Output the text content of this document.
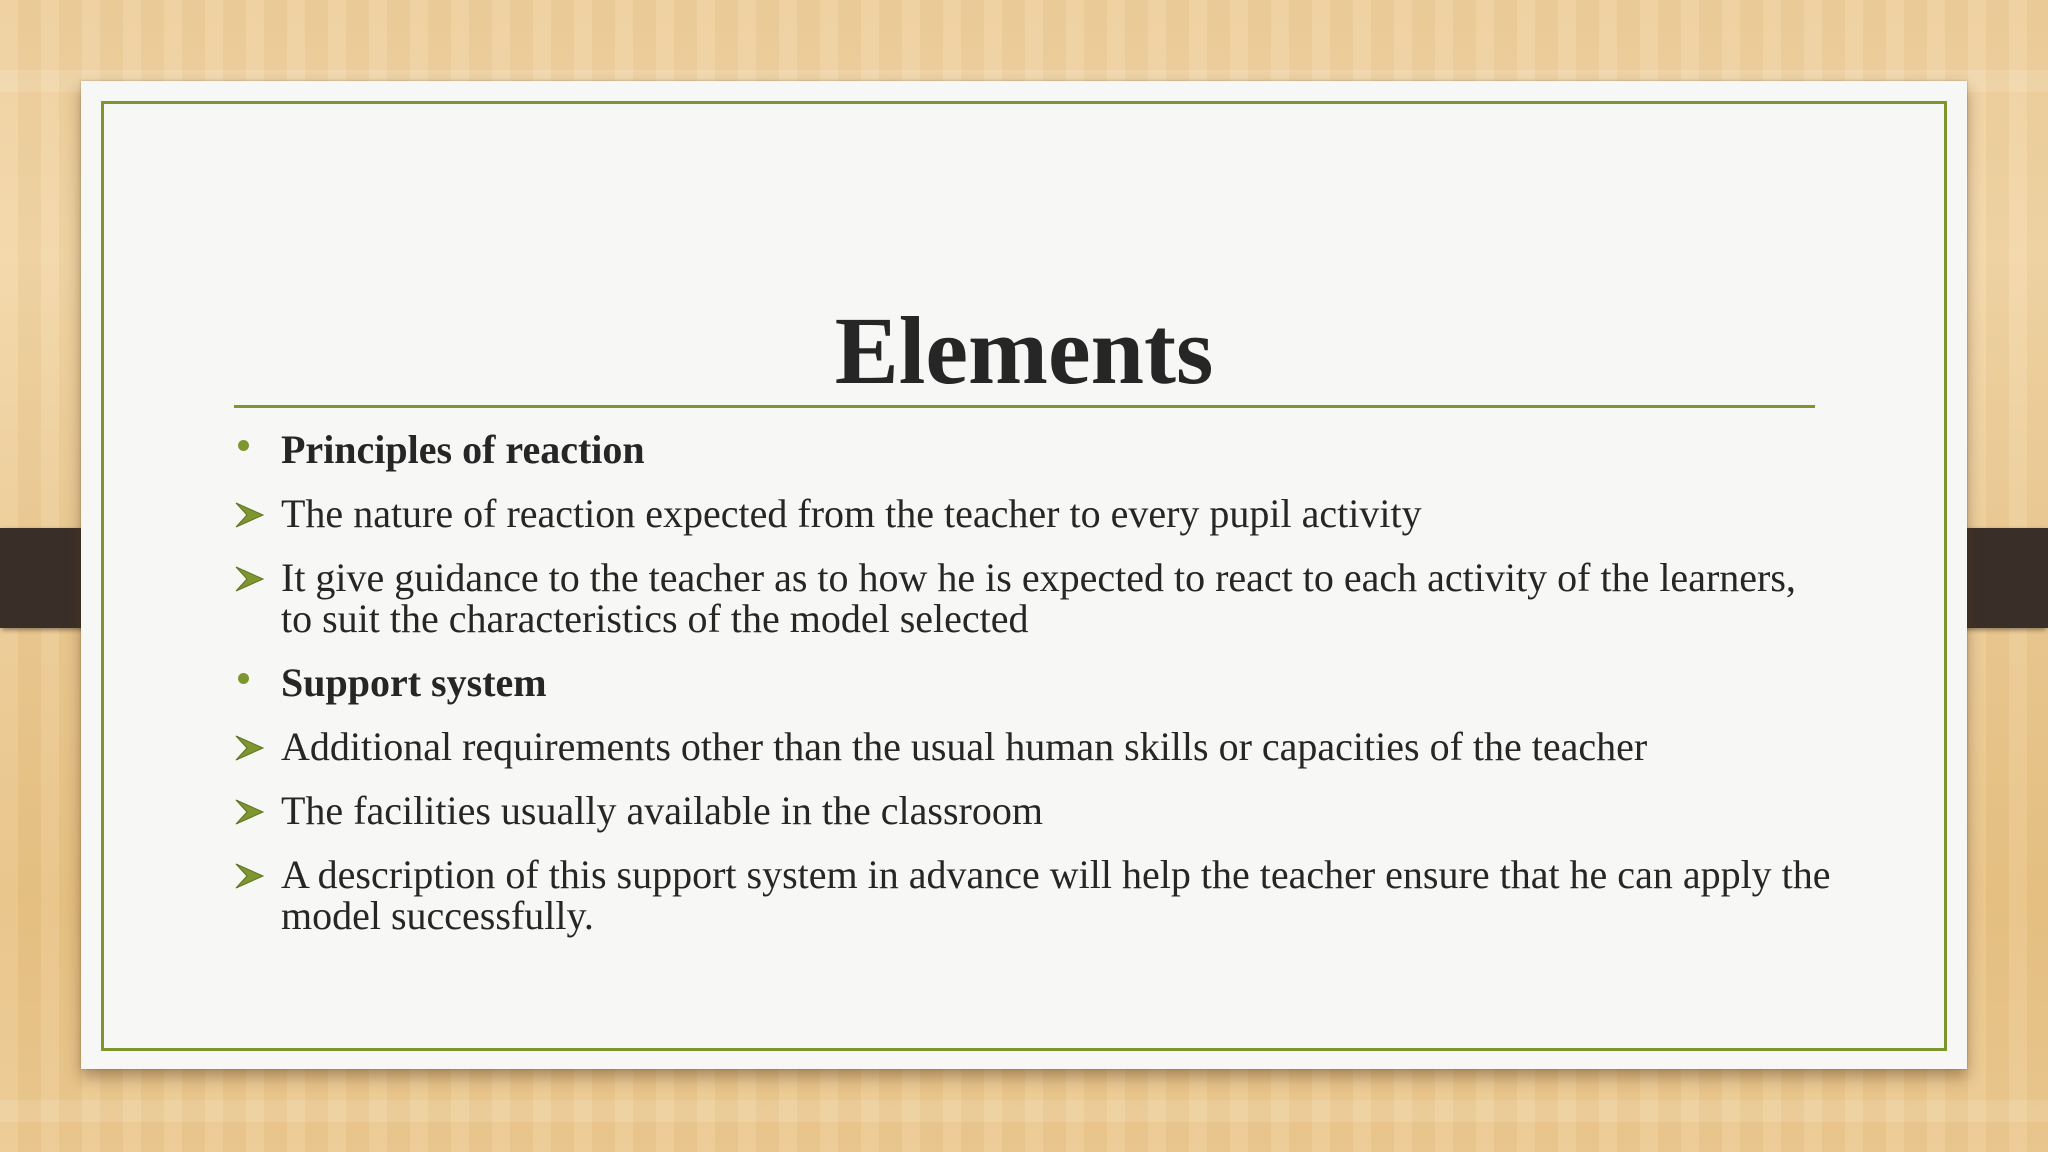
Elements
Principles of reaction
The nature of reaction expected from the teacher to every pupil activity
It give guidance to the teacher as to how he is expected to react to each activity of the learners, to suit the characteristics of the model selected
Support system
Additional requirements other than the usual human skills or capacities of the teacher
The facilities usually available in the classroom
A description of this support system in advance will help the teacher ensure that he can apply the model successfully.
